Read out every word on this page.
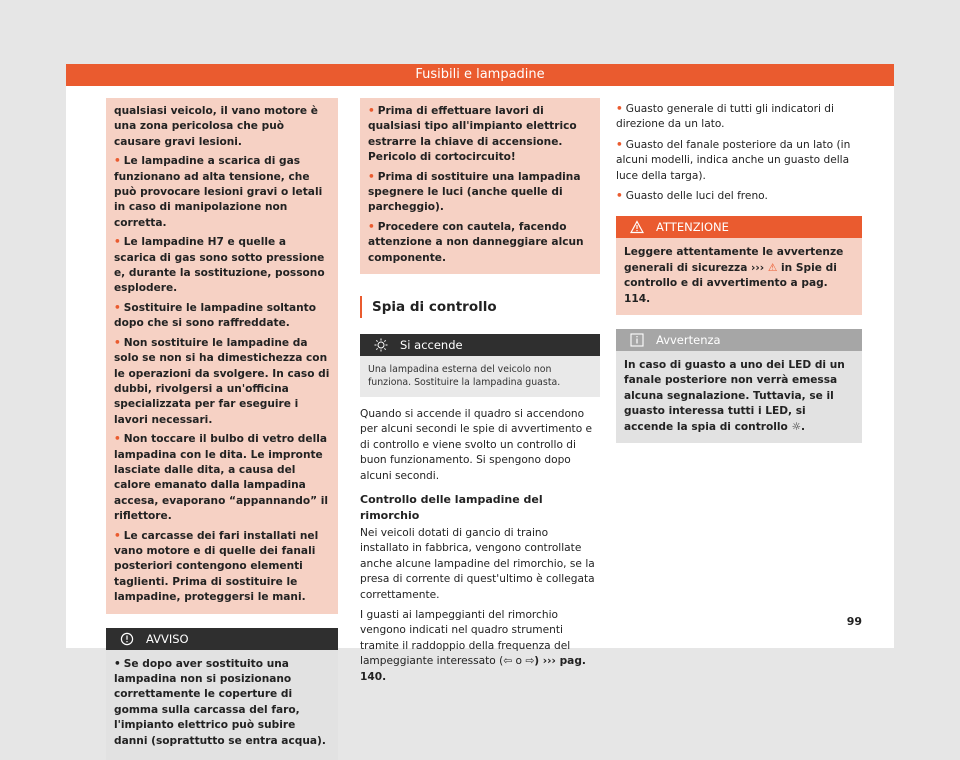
Fusibili e lampadine

qualsiasi veicolo, il vano motore è una zona pericolosa che può causare gravi lesioni.

• Le lampadine a scarica di gas funzionano ad alta tensione, che può provocare lesioni gravi o letali in caso di manipolazione non corretta.

• Le lampadine H7 e quelle a scarica di gas sono sotto pressione e, durante la sostituzione, possono esplodere.

• Sostituire le lampadine soltanto dopo che si sono raffreddate.

• Non sostituire le lampadine da solo se non si ha dimestichezza con le operazioni da svolgere. In caso di dubbi, rivolgersi a un'officina specializzata per far eseguire i lavori necessari.

• Non toccare il bulbo di vetro della lampadina con le dita. Le impronte lasciate dalle dita, a causa del calore emanato dalla lampadina accesa, evaporano “appannando” il riflettore.

• Le carcasse dei fari installati nel vano motore e di quelle dei fanali posteriori contengono elementi taglienti. Prima di sostituire le lampadine, proteggersi le mani.

AVVISO

• Se dopo aver sostituito una lampadina non si posizionano correttamente le coperture di gomma sulla carcassa del faro, l'impianto elettrico può subire danni (soprattutto se entra acqua).

• Prima di effettuare lavori di qualsiasi tipo all'impianto elettrico estrarre la chiave di accensione. Pericolo di cortocircuito!

• Prima di sostituire una lampadina spegnere le luci (anche quelle di parcheggio).

• Procedere con cautela, facendo attenzione a non danneggiare alcun componente.

Spia di controllo
Si accende
Una lampadina esterna del veicolo non funziona. Sostituire la lampadina guasta.

Quando si accende il quadro si accendono per alcuni secondi le spie di avvertimento e di controllo e viene svolto un controllo di buon funzionamento. Si spengono dopo alcuni secondi.

Controllo delle lampadine del rimorchio

Nei veicoli dotati di gancio di traino installato in fabbrica, vengono controllate anche alcune lampadine del rimorchio, se la presa di corrente di quest'ultimo è collegata correttamente.

I guasti ai lampeggianti del rimorchio vengono indicati nel quadro strumenti tramite il raddoppio della frequenza del lampeggiante interessato (⇦ o ⇨) ››› pag. 140.

• Guasto generale di tutti gli indicatori di direzione da un lato.

• Guasto del fanale posteriore da un lato (in alcuni modelli, indica anche un guasto della luce della targa).

• Guasto delle luci del freno.

ATTENZIONE
Leggere attentamente le avvertenze generali di sicurezza ››› ⚠ in Spie di controllo e di avvertimento a pag. 114.
Avvertenza
In caso di guasto a uno dei LED di un fanale posteriore non verrà emessa alcuna segnalazione. Tuttavia, se il guasto interessa tutti i LED, si accende la spia di controllo ☼.
99
